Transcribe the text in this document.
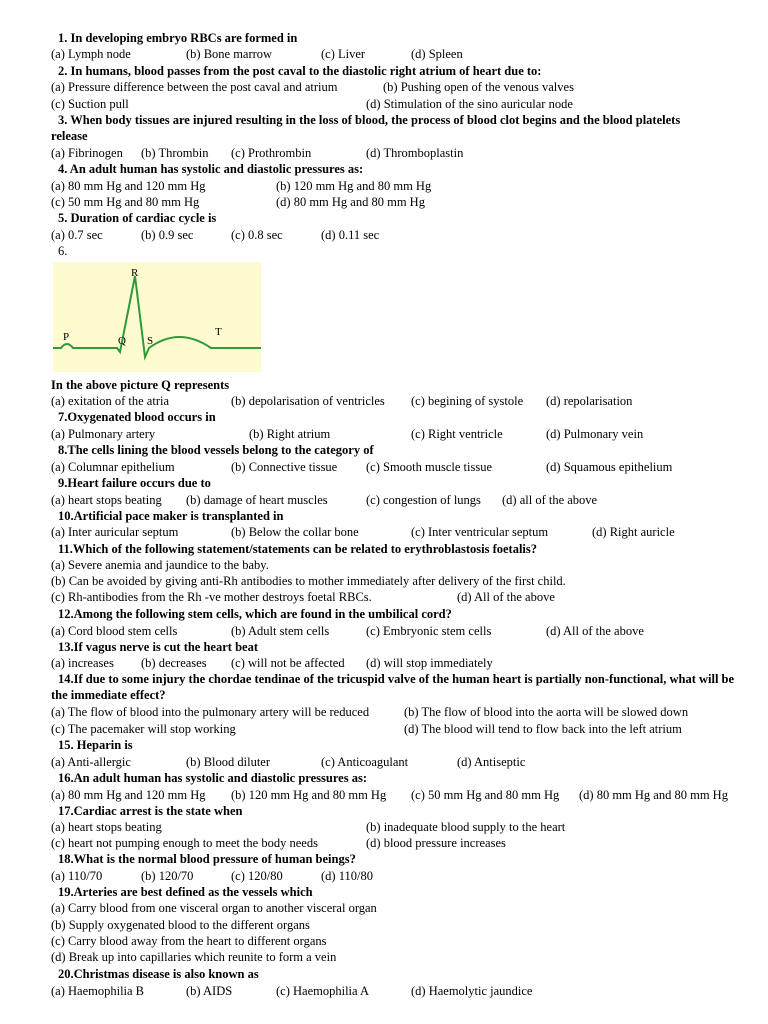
1. In developing embryo RBCs are formed in
(a) Lymph node	(b) Bone marrow	(c) Liver	(d) Spleen
2. In humans, blood passes from the post caval to the diastolic right atrium of heart due to:
(a) Pressure difference between the post caval and atrium	(b) Pushing open of the venous valves
(c) Suction pull	(d) Stimulation of the sino auricular node
3. When body tissues are injured resulting in the loss of blood, the process of blood clot begins and the blood platelets release
(a) Fibrinogen (b) Thrombin (c) Prothrombin	(d) Thromboplastin
4. An adult human has systolic and diastolic pressures as:
(a) 80 mm Hg and 120 mm Hg	(b) 120 mm Hg and 80 mm Hg
(c) 50 mm Hg and 80 mm Hg	(d) 80 mm Hg and 80 mm Hg
5. Duration of cardiac cycle is
(a) 0.7 sec	(b) 0.9 sec	(c) 0.8 sec	(d) 0.11 sec
6.
R
P	Q S
T
In the above picture Q represents
(a) exitation of the atria	(b) depolarisation of ventricles (c) begining of systole (d) repolarisation
7.Oxygenated blood occurs in
(a) Pulmonary artery	(b) Right atrium	(c) Right ventricle	(d) Pulmonary vein
8.The cells lining the blood vessels belong to the category of
(a) Columnar epithelium	(b) Connective tissue (c) Smooth muscle tissue	(d) Squamous epithelium
9.Heart failure occurs due to
(a) heart stops beating (b) damage of heart muscles	(c) congestion of lungs (d) all of the above
10.Artificial pace maker is transplanted in
(a) Inter auricular septum	(b) Below the collar bone	(c) Inter ventricular septum	(d) Right auricle
11.Which of the following statement/statements can be related to erythroblastosis foetalis?
(a) Severe anemia and jaundice to the baby.
(b) Can be avoided by giving anti-Rh antibodies to mother immediately after delivery of the first child.
(c) Rh-antibodies from the Rh -ve mother destroys foetal RBCs.	(d) All of the above
12.Among the following stem cells, which are found in the umbilical cord?
(a) Cord blood stem cells	(b) Adult stem cells	(c) Embryonic stem cells	(d) All of the above
13.If vagus nerve is cut the heart beat
(a) increases (b) decreases (c) will not be affected (d) will stop immediately
14.If due to some injury the chordae tendinae of the tricuspid valve of the human heart is partially non-functional, what will be the immediate effect?
(a) The flow of blood into the pulmonary artery will be reduced	(b) The flow of blood into the aorta will be slowed down
(c) The pacemaker will stop working	(d) The blood will tend to flow back into the left atrium
15. Heparin is
(a) Anti-allergic	(b) Blood diluter	(c) Anticoagulant	(d) Antiseptic
16.An adult human has systolic and diastolic pressures as:
(a) 80 mm Hg and 120 mm Hg (b) 120 mm Hg and 80 mm Hg (c) 50 mm Hg and 80 mm Hg (d) 80 mm Hg and 80 mm Hg
17.Cardiac arrest is the state when
(a) heart stops beating	(b) inadequate blood supply to the heart
(c) heart not pumping enough to meet the body needs	(d) blood pressure increases
18.What is the normal blood pressure of human beings?
(a) 110/70	(b) 120/70	(c) 120/80	(d) 110/80
19.Arteries are best defined as the vessels which
(a) Carry blood from one visceral organ to another visceral organ
(b) Supply oxygenated blood to the different organs
(c) Carry blood away from the heart to different organs
(d) Break up into capillaries which reunite to form a vein
20.Christmas disease is also known as
(a) Haemophilia B	(b) AIDS	(c) Haemophilia A	(d) Haemolytic jaundice
